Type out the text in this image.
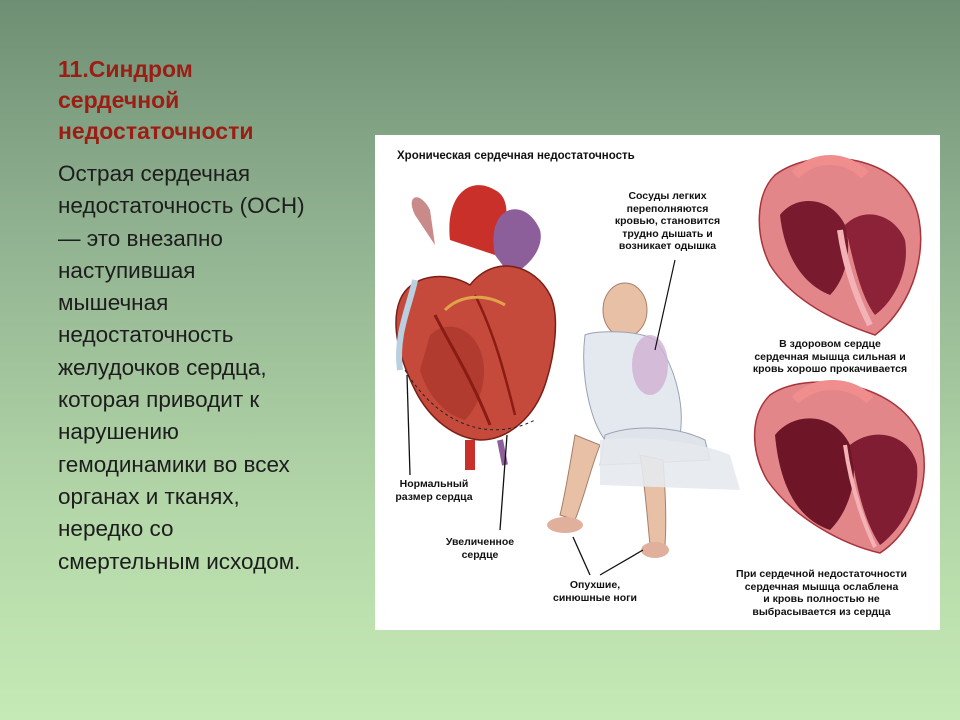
11.Синдром
сердечной
недостаточности
Острая сердечная
недостаточность (ОСН)
— это внезапно
наступившая
мышечная
недостаточность
желудочков сердца,
которая приводит к
нарушению
гемодинамики во всех
органах и тканях,
нередко со
смертельным исходом.
Хроническая сердечная недостаточность
Сосуды легких
переполняются
кровью, становится
трудно дышать и
возникает одышка
В здоровом сердце
сердечная мышца сильная и
кровь хорошо прокачивается
Нормальный
размер сердца
Увеличенное
сердце
Опухшие,
синюшные ноги
При сердечной недостаточности
сердечная мышца ослаблена
и кровь полностью не
выбрасывается из сердца
